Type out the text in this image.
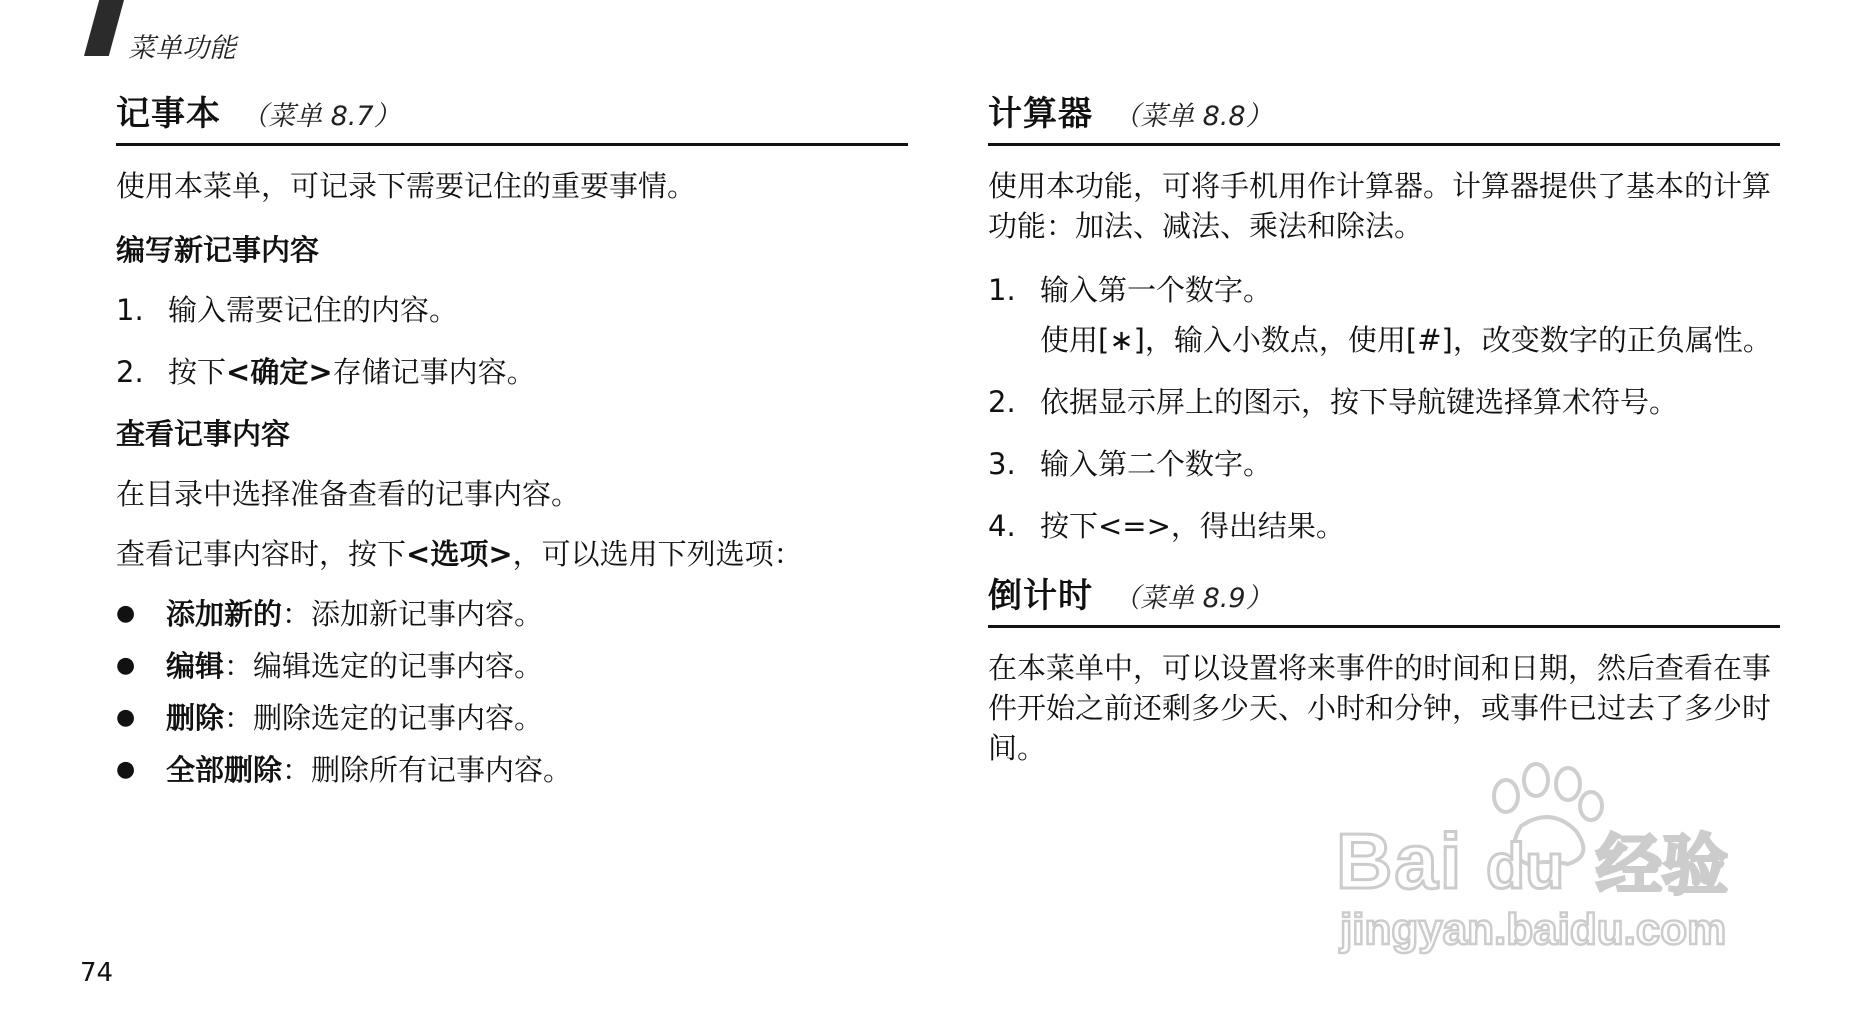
菜单功能
记事本 （菜单 8.7）

使用本菜单，可记录下需要记住的重要事情。

编写新记事内容
1. 输入需要记住的内容。
2. 按下<确定>存储记事内容。
查看记事内容

在目录中选择准备查看的记事内容。

查看记事内容时，按下<选项>，可以选用下列选项：

●	添加新的：添加新记事内容。
●	编辑：编辑选定的记事内容。
●	删除：删除选定的记事内容。
●	全部删除：删除所有记事内容。
计算器 （菜单 8.8）

使用本功能，可将手机用作计算器。计算器提供了基本的计算功能：加法、减法、乘法和除法。

1. 输入第一个数字。
使用[∗]，输入小数点，使用[#]，改变数字的正负属性。
2. 依据显示屏上的图示，按下导航键选择算术符号。
3. 输入第二个数字。
4. 按下<=>，得出结果。
倒计时 （菜单 8.9）

在本菜单中，可以设置将来事件的时间和日期，然后查看在事件开始之前还剩多少天、小时和分钟，或事件已过去了多少时间。

74
Bai du 经验
jingyan.baidu.com
